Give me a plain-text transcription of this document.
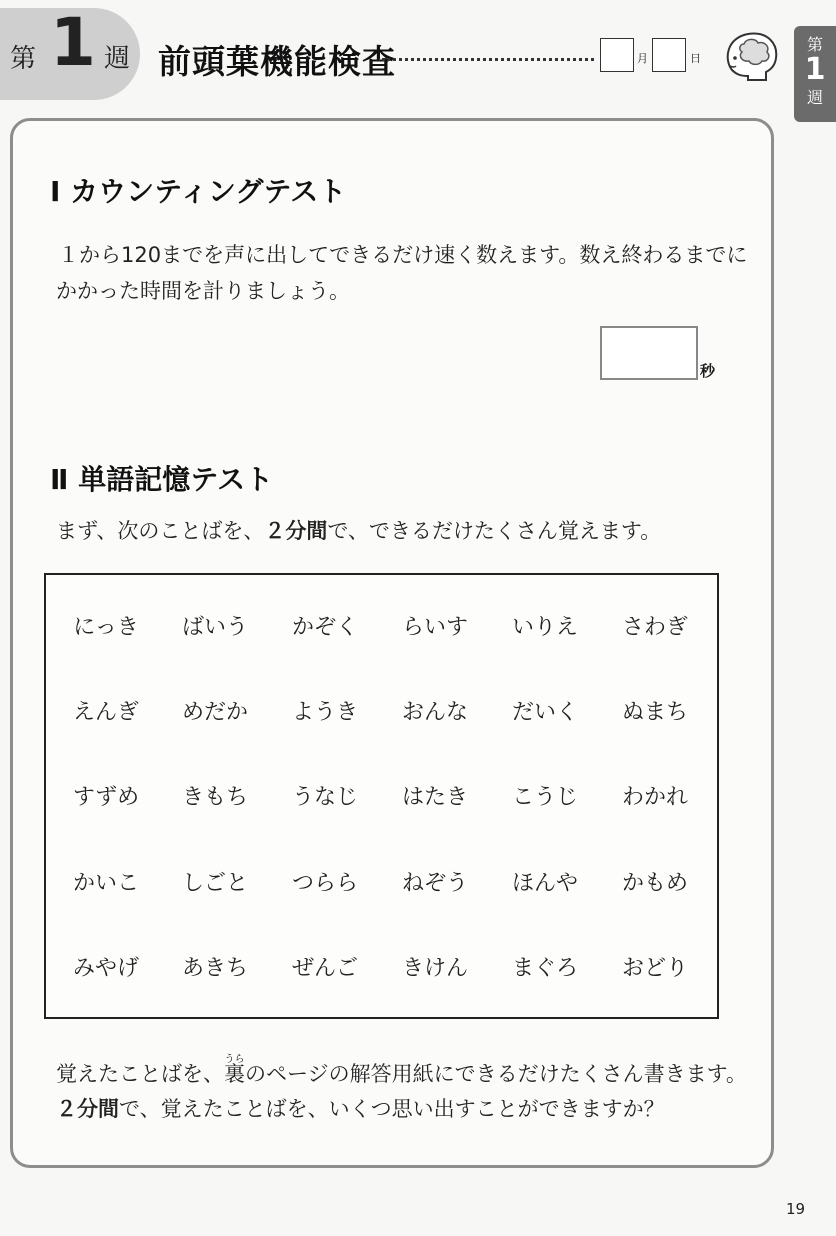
第 1 週 前頭葉機能検査	月	日
第
1
週
Ⅰ カウンティングテスト
１から120までを声に出してできるだけ速く数えます。数え終わるまでに
かかった時間を計りましょう。
秒
Ⅱ 単語記憶テスト
まず、次のことばを、２分間で、できるだけたくさん覚えます。
にっき	ばいう	かぞく	らいす	いりえ	さわぎ
えんぎ	めだか	ようき	おんな	だいく	ぬまち
すずめ	きもち	うなじ	はたき	こうじ	わかれ
かいこ	しごと	つらら	ねぞう	ほんや	かもめ
みやげ	あきち	ぜんご	きけん	まぐろ	おどり
覚えたことばを、
うら
裏のページの解答用紙にできるだけたくさん書きます。
２分間で、覚えたことばを、いくつ思い出すことができますか？
19
